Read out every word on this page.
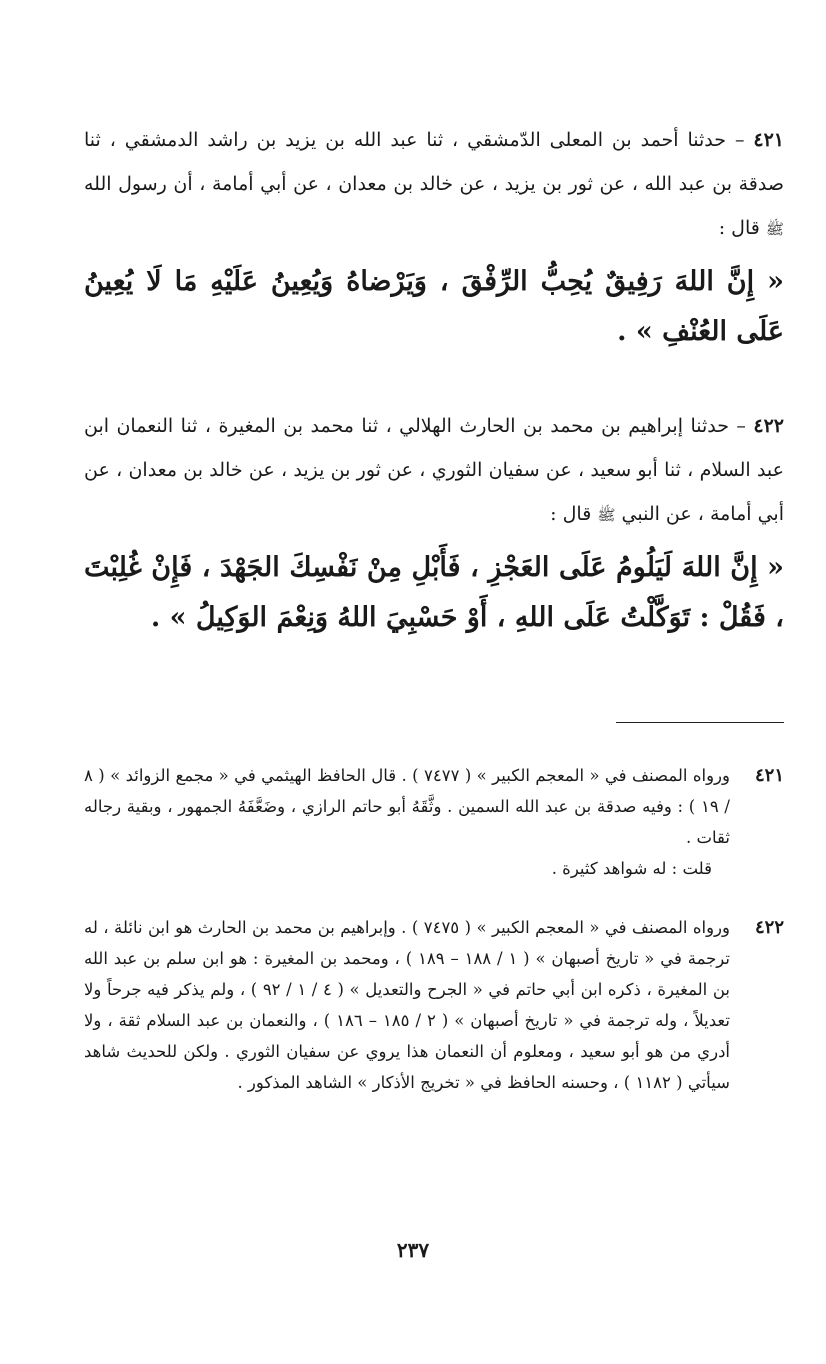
٤٢١ – حدثنا أحمد بن المعلى الدّمشقي ، ثنا عبد الله بن يزيد بن راشد الدمشقي ، ثنا صدقة بن عبد الله ، عن ثور بن يزيد ، عن خالد بن معدان ، عن أبي أمامة ، أن رسول الله ﷺ قال :

« إِنَّ اللهَ رَفِيقٌ يُحِبُّ الرِّفْقَ ، وَيَرْضاهُ وَيُعِينُ عَلَيْهِ مَا لَا يُعِينُ عَلَى العُنْفِ » .

٤٢٢ – حدثنا إبراهيم بن محمد بن الحارث الهلالي ، ثنا محمد بن المغيرة ، ثنا النعمان ابن عبد السلام ، ثنا أبو سعيد ، عن سفيان الثوري ، عن ثور بن يزيد ، عن خالد بن معدان ، عن أبي أمامة ، عن النبي ﷺ قال :

« إِنَّ اللهَ لَيَلُومُ عَلَى العَجْزِ ، فَأَبْلِ مِنْ نَفْسِكَ الجَهْدَ ، فَإِنْ غُلِبْتَ ، فَقُلْ : تَوَكَّلْتُ عَلَى اللهِ ، أَوْ حَسْبِيَ اللهُ وَنِعْمَ الوَكِيلُ » .

٤٢١
ورواه المصنف في « المعجم الكبير » ( ٧٤٧٧ ) . قال الحافظ الهيثمي في « مجمع الزوائد » ( ٨ / ١٩ ) : وفيه صدقة بن عبد الله السمين . وثَّقَهُ أبو حاتم الرازي ، وضَعَّفَهُ الجمهور ، وبقية رجاله ثقات .
قلت : له شواهد كثيرة .
٤٢٢
ورواه المصنف في « المعجم الكبير » ( ٧٤٧٥ ) . وإبراهيم بن محمد بن الحارث هو ابن نائلة ، له ترجمة في « تاريخ أصبهان » ( ١ / ١٨٨ – ١٨٩ ) ، ومحمد بن المغيرة : هو ابن سلم بن عبد الله بن المغيرة ، ذكره ابن أبي حاتم في « الجرح والتعديل » ( ٤ / ١ / ٩٢ ) ، ولم يذكر فيه جرحاً ولا تعديلاً ، وله ترجمة في « تاريخ أصبهان » ( ٢ / ١٨٥ – ١٨٦ ) ، والنعمان بن عبد السلام ثقة ، ولا أدري من هو أبو سعيد ، ومعلوم أن النعمان هذا يروي عن سفيان الثوري . ولكن للحديث شاهد سيأتي ( ١١٨٢ ) ، وحسنه الحافظ في « تخريج الأذكار » الشاهد المذكور .
٢٣٧
